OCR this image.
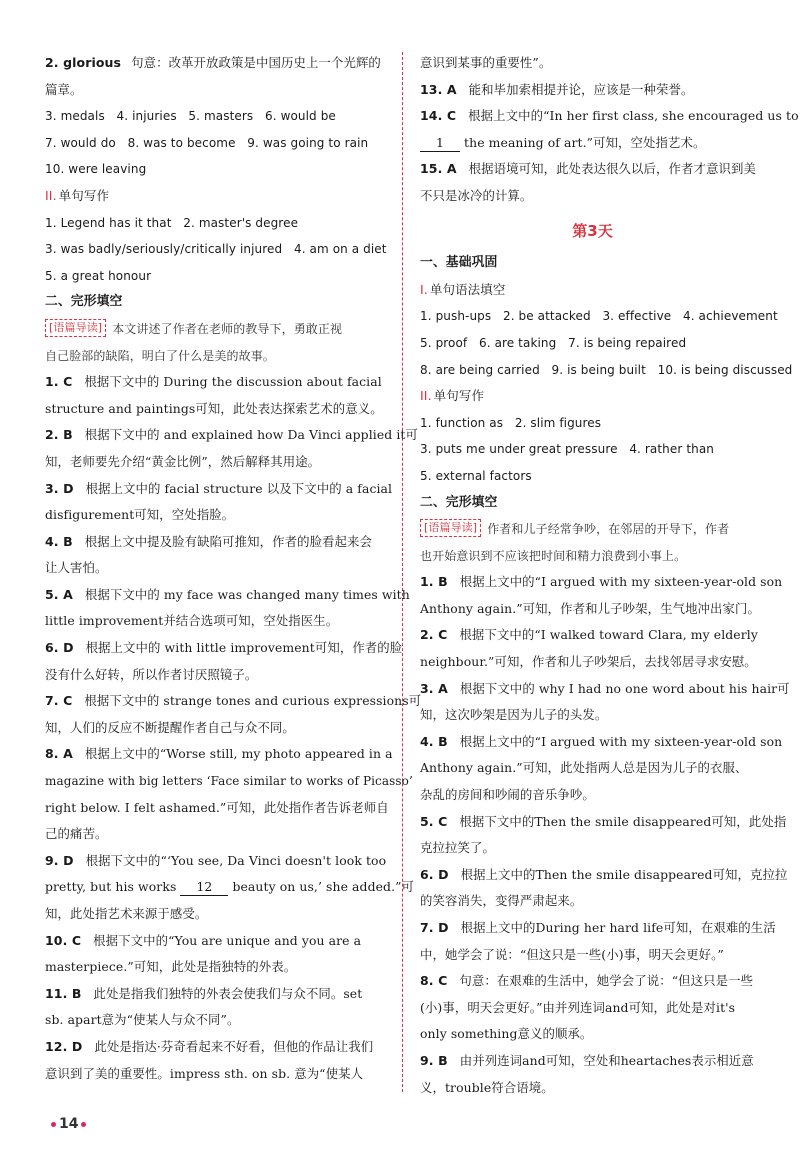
2. glorious 句意：改革开放政策是中国历史上一个光辉的
篇章。
3. medals   4. injuries   5. masters   6. would be
7. would do   8. was to become   9. was going to rain
10. were leaving
II. 单句写作
1. Legend has it that   2. master's degree
3. was badly/seriously/critically injured   4. am on a diet
5. a great honour
二、完形填空
[语篇导读] 本文讲述了作者在老师的教导下，勇敢正视
自己脸部的缺陷，明白了什么是美的故事。
1. C 根据下文中的 During the discussion about facial
structure and paintings可知，此处表达探索艺术的意义。
2. B 根据下文中的 and explained how Da Vinci applied it可
知，老师要先介绍“黄金比例”，然后解释其用途。
3. D 根据上文中的 facial structure 以及下文中的 a facial
disfigurement可知，空处指脸。
4. B 根据上文中提及脸有缺陷可推知，作者的脸看起来会
让人害怕。
5. A 根据下文中的 my face was changed many times with
little improvement并结合选项可知，空处指医生。
6. D 根据上文中的 with little improvement可知，作者的脸
没有什么好转，所以作者讨厌照镜子。
7. C 根据下文中的 strange tones and curious expressions可
知，人们的反应不断提醒作者自己与众不同。
8. A 根据上文中的“Worse still, my photo appeared in a
magazine with big letters ‘Face similar to works of Picasso’
right below. I felt ashamed.”可知，此处指作者告诉老师自
己的痛苦。
9. D 根据下文中的“‘You see, Da Vinci doesn't look too
pretty, but his works 12 beauty on us,’ she added.”可
知，此处指艺术来源于感受。
10. C 根据下文中的“You are unique and you are a
masterpiece.”可知，此处是指独特的外表。
11. B 此处是指我们独特的外表会使我们与众不同。set
sb. apart意为“使某人与众不同”。
12. D 此处是指达·芬奇看起来不好看，但他的作品让我们
意识到了美的重要性。impress sth. on sb. 意为“使某人
意识到某事的重要性”。
13. A 能和毕加索相提并论，应该是一种荣誉。
14. C 根据上文中的“In her first class, she encouraged us to
1 the meaning of art.”可知，空处指艺术。
15. A 根据语境可知，此处表达很久以后，作者才意识到美
不只是冰冷的计算。
第3天
一、基础巩固
I. 单句语法填空
1. push-ups   2. be attacked   3. effective   4. achievement
5. proof   6. are taking   7. is being repaired
8. are being carried   9. is being built   10. is being discussed
II. 单句写作
1. function as   2. slim figures
3. puts me under great pressure   4. rather than
5. external factors
二、完形填空
[语篇导读] 作者和儿子经常争吵，在邻居的开导下，作者
也开始意识到不应该把时间和精力浪费到小事上。
1. B 根据上文中的“I argued with my sixteen-year-old son
Anthony again.”可知，作者和儿子吵架，生气地冲出家门。
2. C 根据下文中的“I walked toward Clara, my elderly
neighbour.”可知，作者和儿子吵架后，去找邻居寻求安慰。
3. A 根据下文中的 why I had no one word about his hair可
知，这次吵架是因为儿子的头发。
4. B 根据上文中的“I argued with my sixteen-year-old son
Anthony again.”可知，此处指两人总是因为儿子的衣服、
杂乱的房间和吵闹的音乐争吵。
5. C 根据下文中的Then the smile disappeared可知，此处指
克拉拉笑了。
6. D 根据上文中的Then the smile disappeared可知，克拉拉
的笑容消失，变得严肃起来。
7. D 根据上文中的During her hard life可知，在艰难的生活
中，她学会了说：“但这只是一些(小)事，明天会更好。”
8. C 句意：在艰难的生活中，她学会了说：“但这只是一些
(小)事，明天会更好。”由并列连词and可知，此处是对it's
only something意义的顺承。
9. B 由并列连词and可知，空处和heartaches表示相近意
义，trouble符合语境。
14
